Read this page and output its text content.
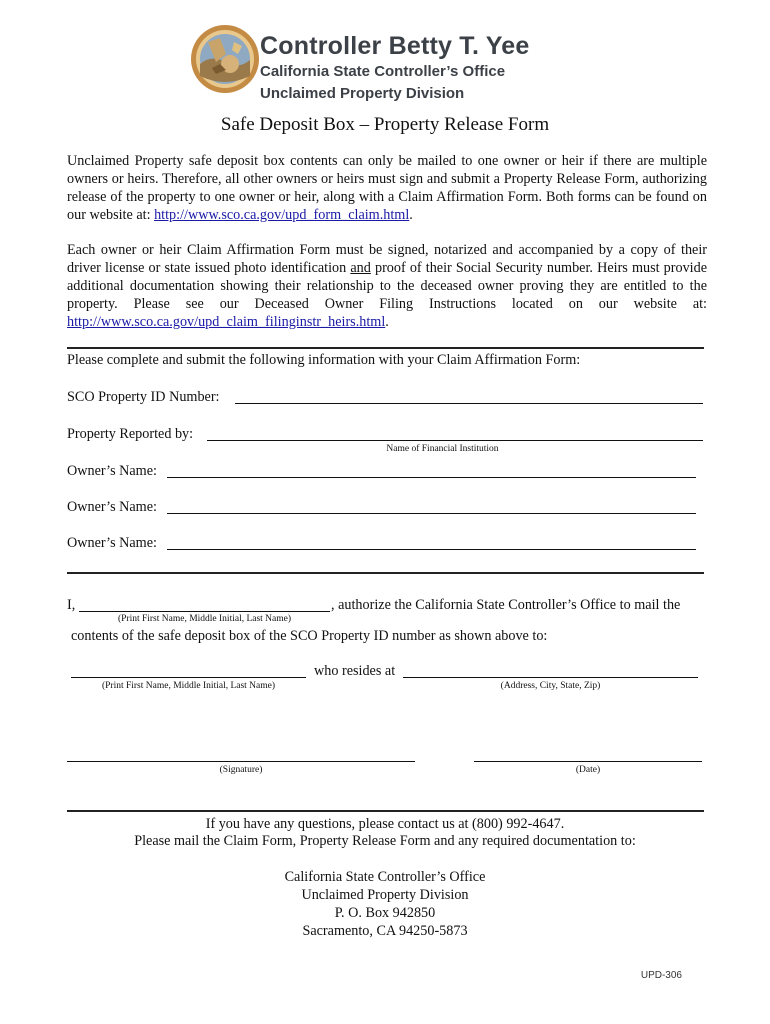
Controller Betty T. Yee
California State Controller’s Office
Unclaimed Property Division
Safe Deposit Box – Property Release Form
Unclaimed Property safe deposit box contents can only be mailed to one owner or heir if there are multiple owners or heirs. Therefore, all other owners or heirs must sign and submit a Property Release Form, authorizing release of the property to one owner or heir, along with a Claim Affirmation Form. Both forms can be found on our website at: http://www.sco.ca.gov/upd_form_claim.html.
Each owner or heir Claim Affirmation Form must be signed, notarized and accompanied by a copy of their driver license or state issued photo identification and proof of their Social Security number. Heirs must provide additional documentation showing their relationship to the deceased owner proving they are entitled to the property. Please see our Deceased Owner Filing Instructions located on our website at: http://www.sco.ca.gov/upd_claim_filinginstr_heirs.html.
Please complete and submit the following information with your Claim Affirmation Form:
SCO Property ID Number:
Property Reported by:
Name of Financial Institution
Owner’s Name:
Owner’s Name:
Owner’s Name:
I,	, authorize the California State Controller’s Office to mail the
(Print First Name, Middle Initial, Last Name)
contents of the safe deposit box of the SCO Property ID number as shown above to:
who resides at
(Print First Name, Middle Initial, Last Name)	(Address, City, State, Zip)
(Signature)	(Date)
If you have any questions, please contact us at (800) 992-4647.
Please mail the Claim Form, Property Release Form and any required documentation to:
California State Controller’s Office
Unclaimed Property Division
P. O. Box 942850
Sacramento, CA 94250-5873
UPD-306
